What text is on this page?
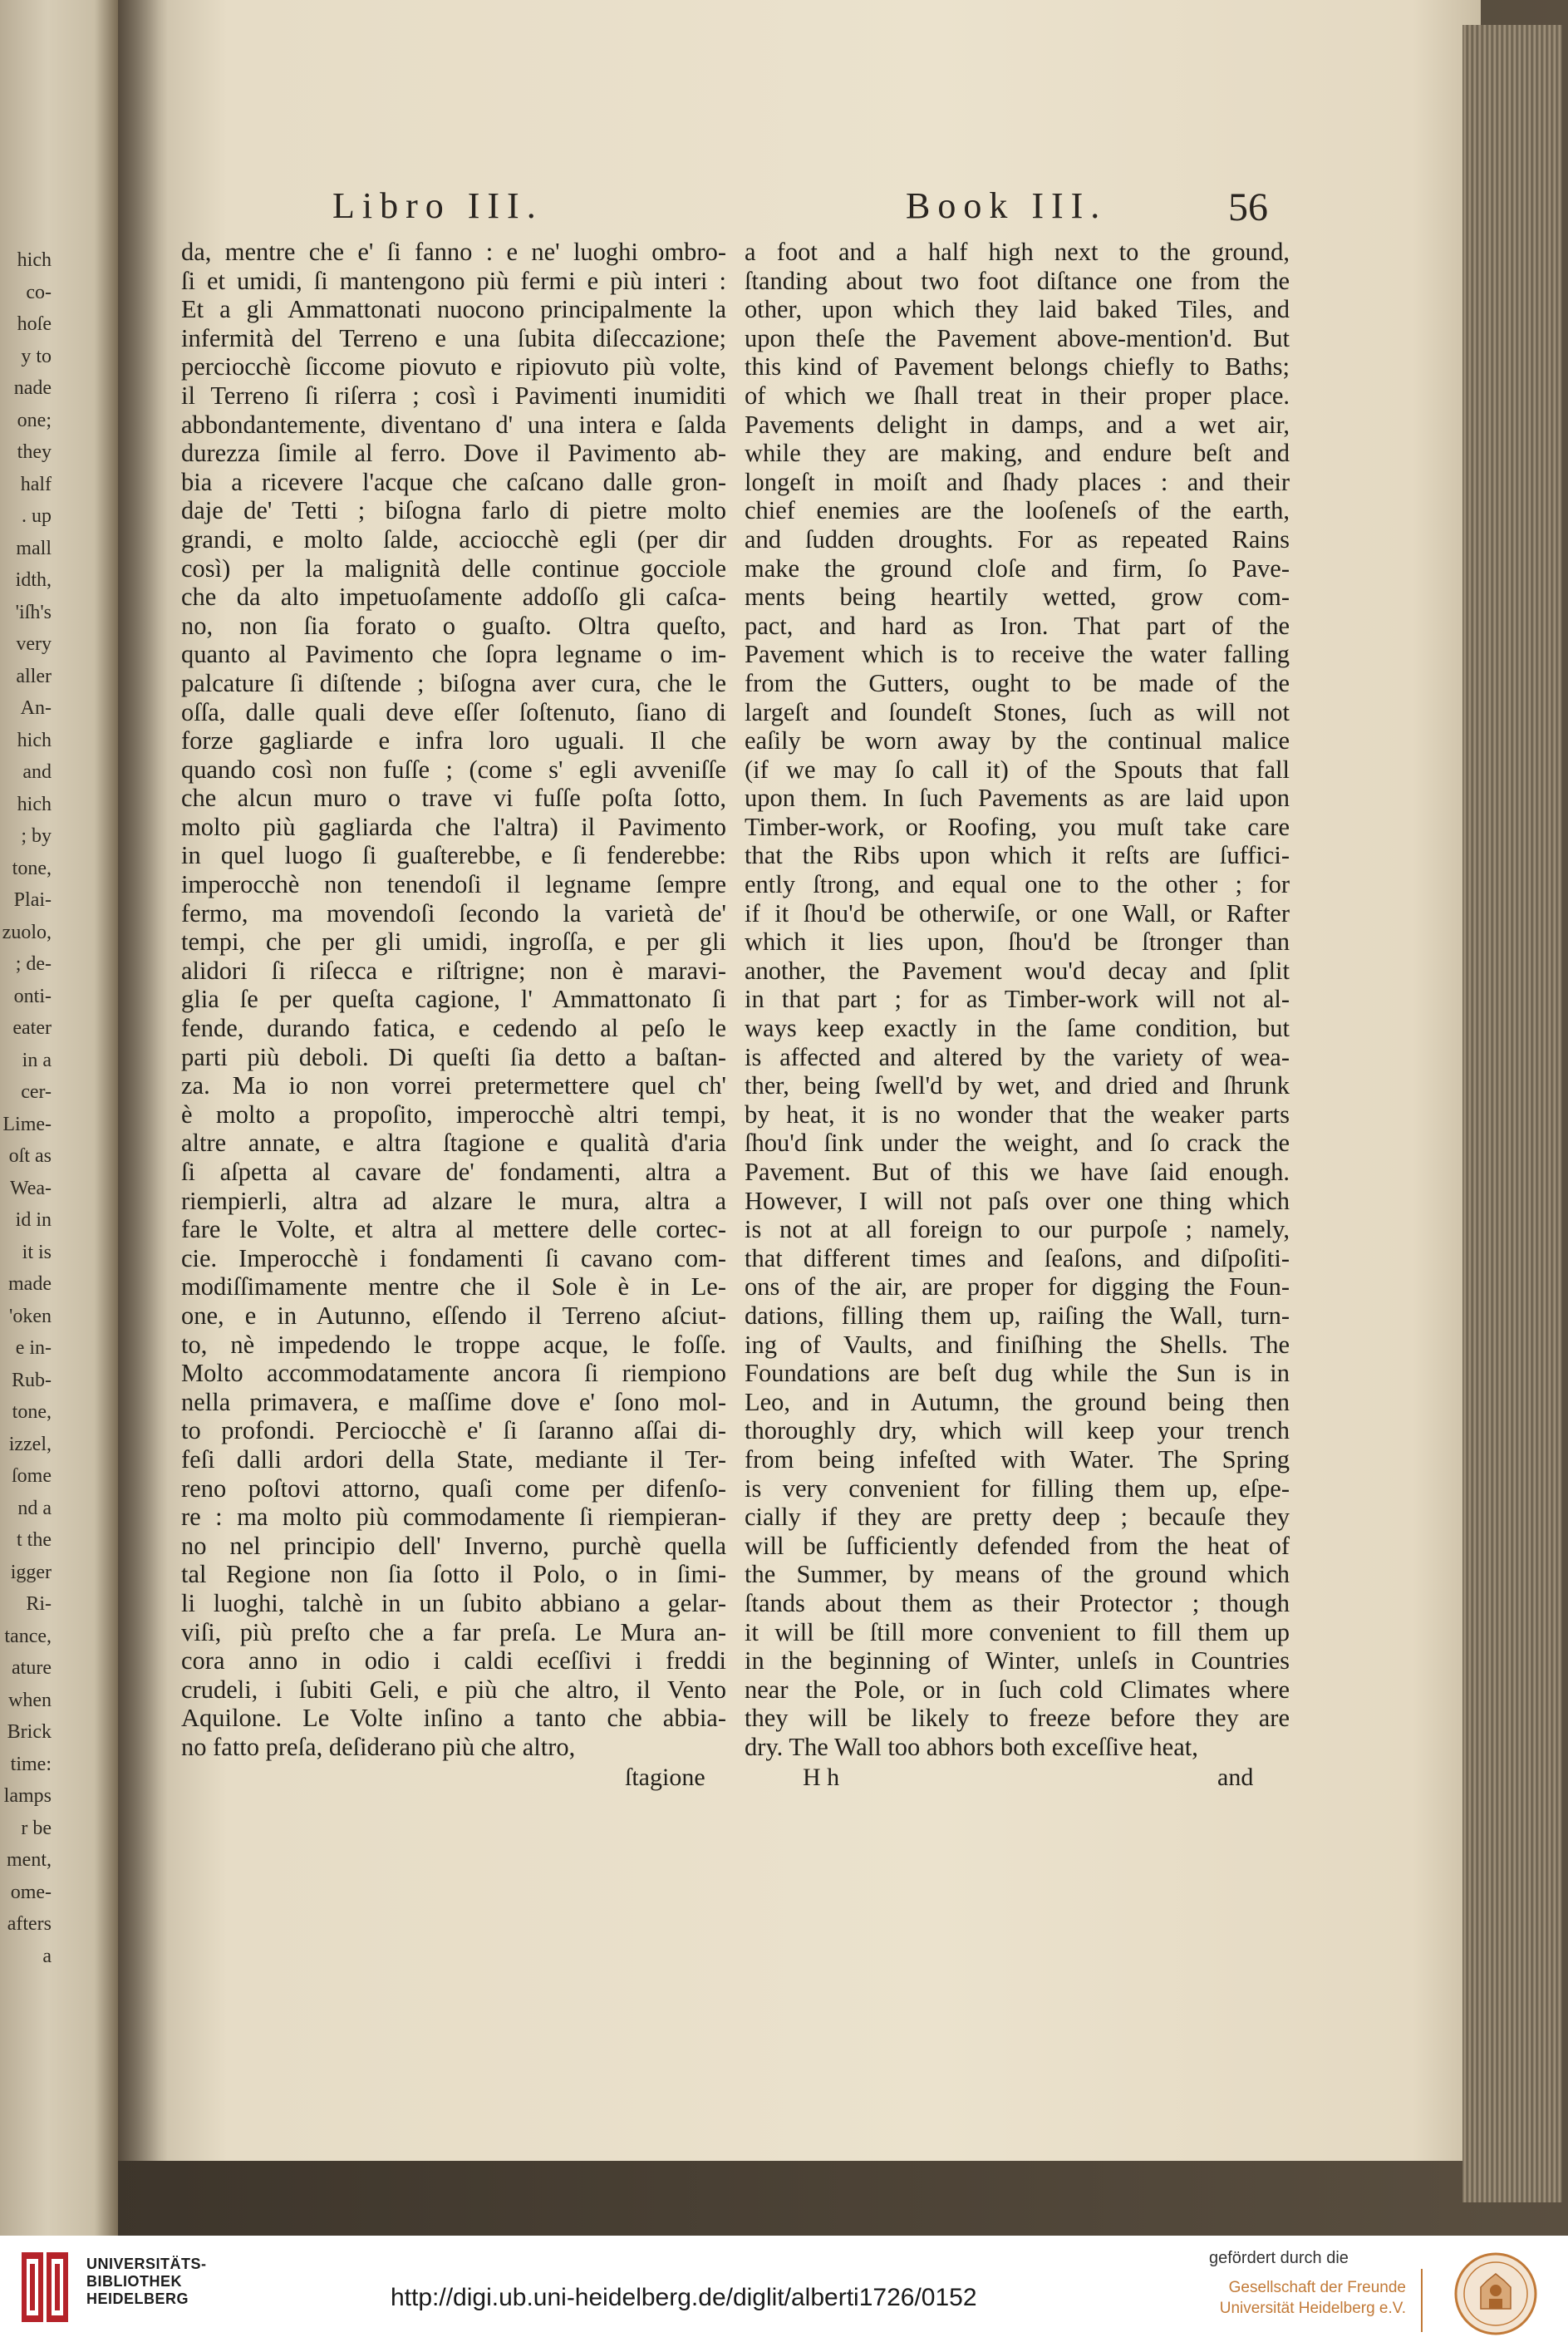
hich
co-
hoſe
y to
nade
one;
they
half
. up
mall
idth,
'iſh's
very
aller
An-
hich
and
hich
; by
tone,
Plai-
zuolo,
; de-
onti-
eater
in a
cer-
Lime-
oſt as
Wea-
id in
it is
made
'oken
e in-
Rub-
tone,
izzel,
ſome
nd a
t the
igger
Ri-
tance,
ature
when
Brick
time:
lamps
r be
ment,
ome-
afters
a
Libro III.	Book III.	56
da, mentre che e' ſi fanno : e ne' luoghi ombro-
ſi et umidi, ſi mantengono più fermi e più interi :
Et a gli Ammattonati nuocono principalmente la
infermità del Terreno e una ſubita diſeccazione;
perciocchè ſiccome piovuto e ripiovuto più volte,
il Terreno ſi riſerra ; così i Pavimenti inumiditi
abbondantemente, diventano d' una intera e ſalda
durezza ſimile al ferro. Dove il Pavimento ab-
bia a ricevere l'acque che caſcano dalle gron-
daje de' Tetti ; biſogna farlo di pietre molto
grandi, e molto ſalde, acciocchè egli (per dir
così) per la malignità delle continue gocciole
che da alto impetuoſamente addoſſo gli caſca-
no, non ſia forato o guaſto. Oltra queſto,
quanto al Pavimento che ſopra legname o im-
palcature ſi diſtende ; biſogna aver cura, che le
oſſa, dalle quali deve eſſer ſoſtenuto, ſiano di
forze gagliarde e infra loro uguali. Il che
quando così non fuſſe ; (come s' egli avveniſſe
che alcun muro o trave vi fuſſe poſta ſotto,
molto più gagliarda che l'altra) il Pavimento
in quel luogo ſi guaſterebbe, e ſi fenderebbe:
imperocchè non tenendoſi il legname ſempre
fermo, ma movendoſi ſecondo la varietà de'
tempi, che per gli umidi, ingroſſa, e per gli
alidori ſi riſecca e riſtrigne; non è maravi-
glia ſe per queſta cagione, l' Ammattonato ſi
fende, durando fatica, e cedendo al peſo le
parti più deboli. Di queſti ſia detto a baſtan-
za. Ma io non vorrei pretermettere quel ch'
è molto a propoſito, imperocchè altri tempi,
altre annate, e altra ſtagione e qualità d'aria
ſi aſpetta al cavare de' fondamenti, altra a
riempierli, altra ad alzare le mura, altra a
fare le Volte, et altra al mettere delle cortec-
cie. Imperocchè i fondamenti ſi cavano com-
modiſſimamente mentre che il Sole è in Le-
one, e in Autunno, eſſendo il Terreno aſciut-
to, nè impedendo le troppe acque, le foſſe.
Molto accommodatamente ancora ſi riempiono
nella primavera, e maſſime dove e' ſono mol-
to profondi. Perciocchè e' ſi ſaranno aſſai di-
feſi dalli ardori della State, mediante il Ter-
reno poſtovi attorno, quaſi come per difenſo-
re : ma molto più commodamente ſi riempieran-
no nel principio dell' Inverno, purchè quella
tal Regione non ſia ſotto il Polo, o in ſimi-
li luoghi, talchè in un ſubito abbiano a gelar-
viſi, più preſto che a far preſa. Le Mura an-
cora anno in odio i caldi eceſſivi i freddi
crudeli, i ſubiti Geli, e più che altro, il Vento
Aquilone. Le Volte inſino a tanto che abbia-
no fatto preſa, deſiderano più che altro,
a foot and a half high next to the ground,
ſtanding about two foot diſtance one from the
other, upon which they laid baked Tiles, and
upon theſe the Pavement above-mention'd. But
this kind of Pavement belongs chiefly to Baths;
of which we ſhall treat in their proper place.
Pavements delight in damps, and a wet air,
while they are making, and endure beſt and
longeſt in moiſt and ſhady places : and their
chief enemies are the looſeneſs of the earth,
and ſudden droughts. For as repeated Rains
make the ground cloſe and firm, ſo Pave-
ments being heartily wetted, grow com-
pact, and hard as Iron. That part of the
Pavement which is to receive the water falling
from the Gutters, ought to be made of the
largeſt and ſoundeſt Stones, ſuch as will not
eaſily be worn away by the continual malice
(if we may ſo call it) of the Spouts that fall
upon them. In ſuch Pavements as are laid upon
Timber-work, or Roofing, you muſt take care
that the Ribs upon which it reſts are ſuffici-
ently ſtrong, and equal one to the other ; for
if it ſhou'd be otherwiſe, or one Wall, or Rafter
which it lies upon, ſhou'd be ſtronger than
another, the Pavement wou'd decay and ſplit
in that part ; for as Timber-work will not al-
ways keep exactly in the ſame condition, but
is affected and altered by the variety of wea-
ther, being ſwell'd by wet, and dried and ſhrunk
by heat, it is no wonder that the weaker parts
ſhou'd ſink under the weight, and ſo crack the
Pavement. But of this we have ſaid enough.
However, I will not paſs over one thing which
is not at all foreign to our purpoſe ; namely,
that different times and ſeaſons, and diſpoſiti-
ons of the air, are proper for digging the Foun-
dations, filling them up, raiſing the Wall, turn-
ing of Vaults, and finiſhing the Shells. The
Foundations are beſt dug while the Sun is in
Leo, and in Autumn, the ground being then
thoroughly dry, which will keep your trench
from being infeſted with Water. The Spring
is very convenient for filling them up, eſpe-
cially if they are pretty deep ; becauſe they
will be ſufficiently defended from the heat of
the Summer, by means of the ground which
ſtands about them as their Protector ; though
it will be ſtill more convenient to fill them up
in the beginning of Winter, unleſs in Countries
near the Pole, or in ſuch cold Climates where
they will be likely to freeze before they are
dry. The Wall too abhors both exceſſive heat,
ſtagione	H h	and
UNIVERSITÄTS-
BIBLIOTHEK
HEIDELBERG	http://digi.ub.uni-heidelberg.de/diglit/alberti1726/0152
gefördert durch die
Gesellschaft der Freunde
Universität Heidelberg e.V.
